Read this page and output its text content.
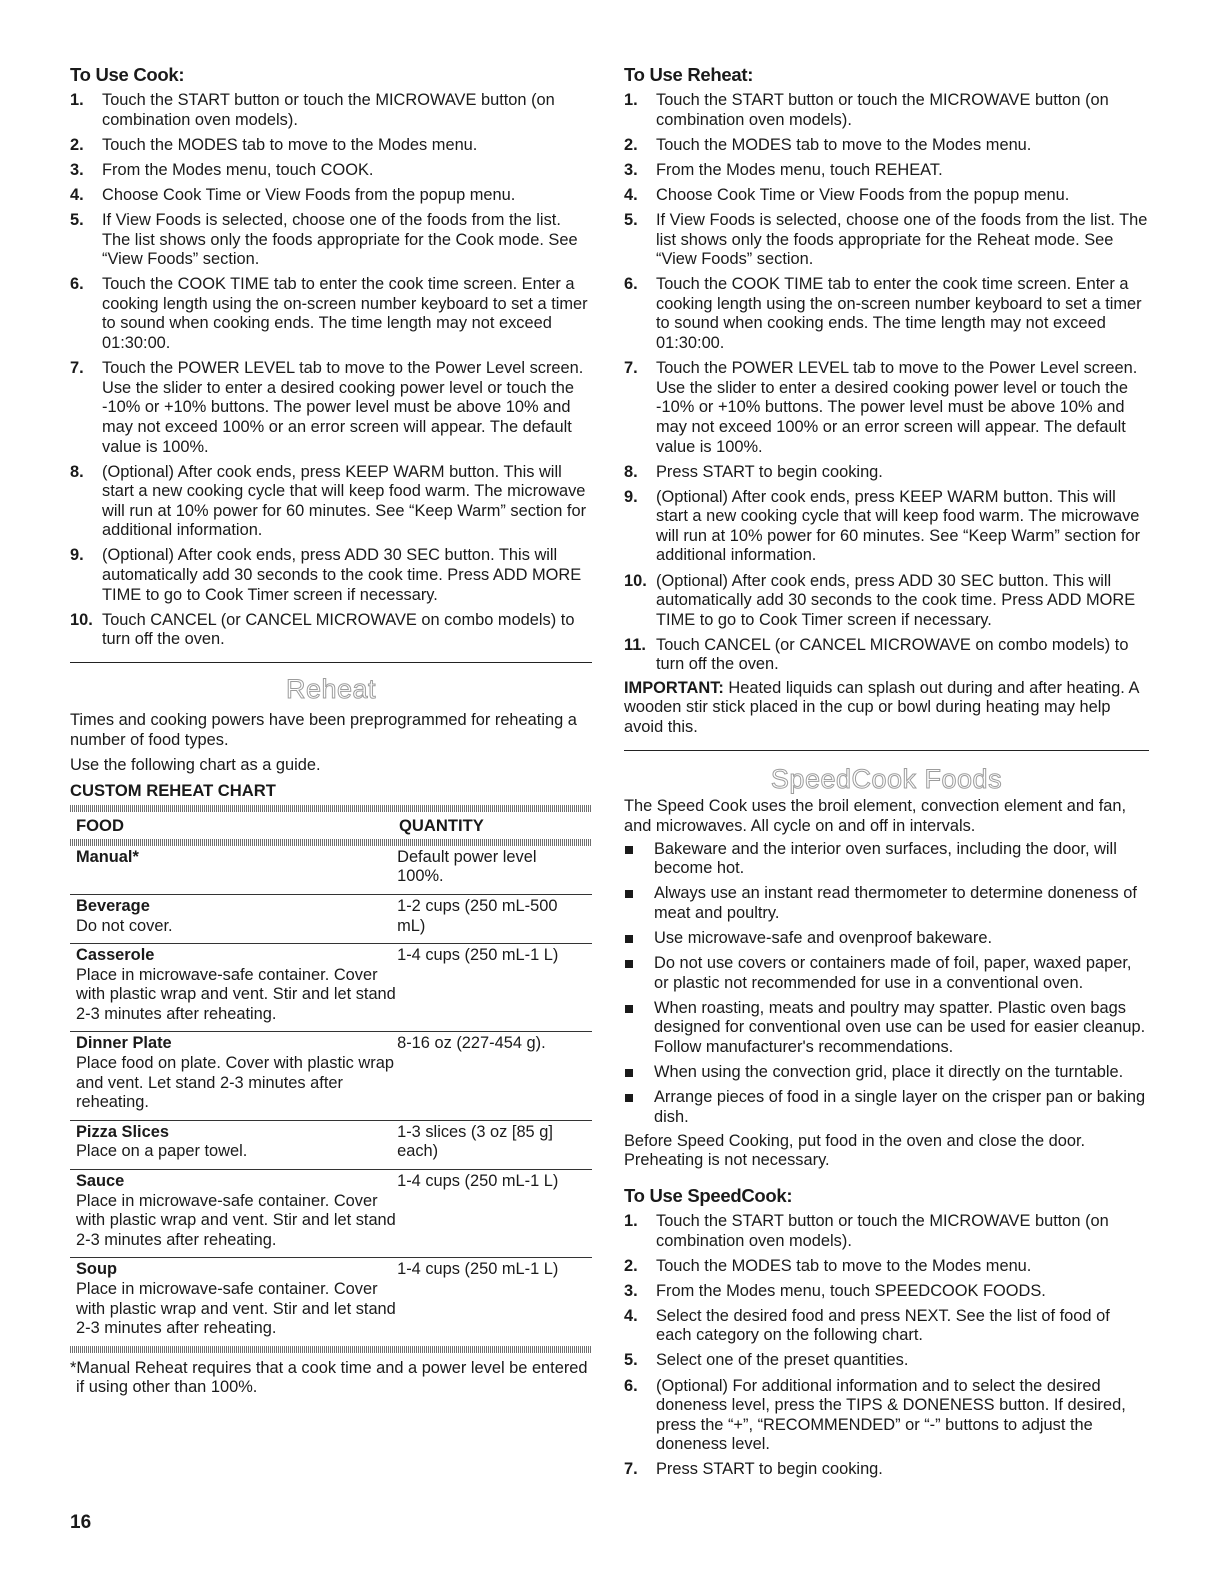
To Use Cook:
1. Touch the START button or touch the MICROWAVE button (on combination oven models).
2. Touch the MODES tab to move to the Modes menu.
3. From the Modes menu, touch COOK.
4. Choose Cook Time or View Foods from the popup menu.
5. If View Foods is selected, choose one of the foods from the list. The list shows only the foods appropriate for the Cook mode. See “View Foods” section.
6. Touch the COOK TIME tab to enter the cook time screen. Enter a cooking length using the on-screen number keyboard to set a timer to sound when cooking ends. The time length may not exceed 01:30:00.
7. Touch the POWER LEVEL tab to move to the Power Level screen. Use the slider to enter a desired cooking power level or touch the -10% or +10% buttons. The power level must be above 10% and may not exceed 100% or an error screen will appear. The default value is 100%.
8. (Optional) After cook ends, press KEEP WARM button. This will start a new cooking cycle that will keep food warm. The microwave will run at 10% power for 60 minutes. See “Keep Warm” section for additional information.
9. (Optional) After cook ends, press ADD 30 SEC button. This will automatically add 30 seconds to the cook time. Press ADD MORE TIME to go to Cook Timer screen if necessary.
10. Touch CANCEL (or CANCEL MICROWAVE on combo models) to turn off the oven.
Reheat

Times and cooking powers have been preprogrammed for reheating a number of food types.

Use the following chart as a guide.

CUSTOM REHEAT CHART
FOOD	QUANTITY
Manual*	Default power level 100%.
Beverage
Do not cover.
1-2 cups (250 mL-500 mL)
Casserole
Place in microwave-safe container. Cover with plastic wrap and vent. Stir and let stand 2-3 minutes after reheating.
1-4 cups (250 mL-1 L)
Dinner Plate
Place food on plate. Cover with plastic wrap and vent. Let stand 2-3 minutes after reheating.
8-16 oz (227-454 g).
Pizza Slices
Place on a paper towel.
1-3 slices (3 oz [85 g] each)
Sauce
Place in microwave-safe container. Cover with plastic wrap and vent. Stir and let stand 2-3 minutes after reheating.
1-4 cups (250 mL-1 L)
Soup
Place in microwave-safe container. Cover with plastic wrap and vent. Stir and let stand 2-3 minutes after reheating.
1-4 cups (250 mL-1 L)

*Manual Reheat requires that a cook time and a power level be entered if using other than 100%.

To Use Reheat:
1. Touch the START button or touch the MICROWAVE button (on combination oven models).
2. Touch the MODES tab to move to the Modes menu.
3. From the Modes menu, touch REHEAT.
4. Choose Cook Time or View Foods from the popup menu.
5. If View Foods is selected, choose one of the foods from the list. The list shows only the foods appropriate for the Reheat mode. See “View Foods” section.
6. Touch the COOK TIME tab to enter the cook time screen. Enter a cooking length using the on-screen number keyboard to set a timer to sound when cooking ends. The time length may not exceed 01:30:00.
7. Touch the POWER LEVEL tab to move to the Power Level screen. Use the slider to enter a desired cooking power level or touch the -10% or +10% buttons. The power level must be above 10% and may not exceed 100% or an error screen will appear. The default value is 100%.
8. Press START to begin cooking.
9. (Optional) After cook ends, press KEEP WARM button. This will start a new cooking cycle that will keep food warm. The microwave will run at 10% power for 60 minutes. See “Keep Warm” section for additional information.
10. (Optional) After cook ends, press ADD 30 SEC button. This will automatically add 30 seconds to the cook time. Press ADD MORE TIME to go to Cook Timer screen if necessary.
11. Touch CANCEL (or CANCEL MICROWAVE on combo models) to turn off the oven.

IMPORTANT: Heated liquids can splash out during and after heating. A wooden stir stick placed in the cup or bowl during heating may help avoid this.

SpeedCook Foods

The Speed Cook uses the broil element, convection element and fan, and microwaves. All cycle on and off in intervals.

Bakeware and the interior oven surfaces, including the door, will become hot.
Always use an instant read thermometer to determine doneness of meat and poultry.
Use microwave-safe and ovenproof bakeware.
Do not use covers or containers made of foil, paper, waxed paper, or plastic not recommended for use in a conventional oven.
When roasting, meats and poultry may spatter. Plastic oven bags designed for conventional oven use can be used for easier cleanup. Follow manufacturer's recommendations.
When using the convection grid, place it directly on the turntable.
Arrange pieces of food in a single layer on the crisper pan or baking dish.

Before Speed Cooking, put food in the oven and close the door. Preheating is not necessary.

To Use SpeedCook:
1. Touch the START button or touch the MICROWAVE button (on combination oven models).
2. Touch the MODES tab to move to the Modes menu.
3. From the Modes menu, touch SPEEDCOOK FOODS.
4. Select the desired food and press NEXT. See the list of food of each category on the following chart.
5. Select one of the preset quantities.
6. (Optional) For additional information and to select the desired doneness level, press the TIPS & DONENESS button. If desired, press the “+”, “RECOMMENDED” or “-” buttons to adjust the doneness level.
7. Press START to begin cooking.
16
